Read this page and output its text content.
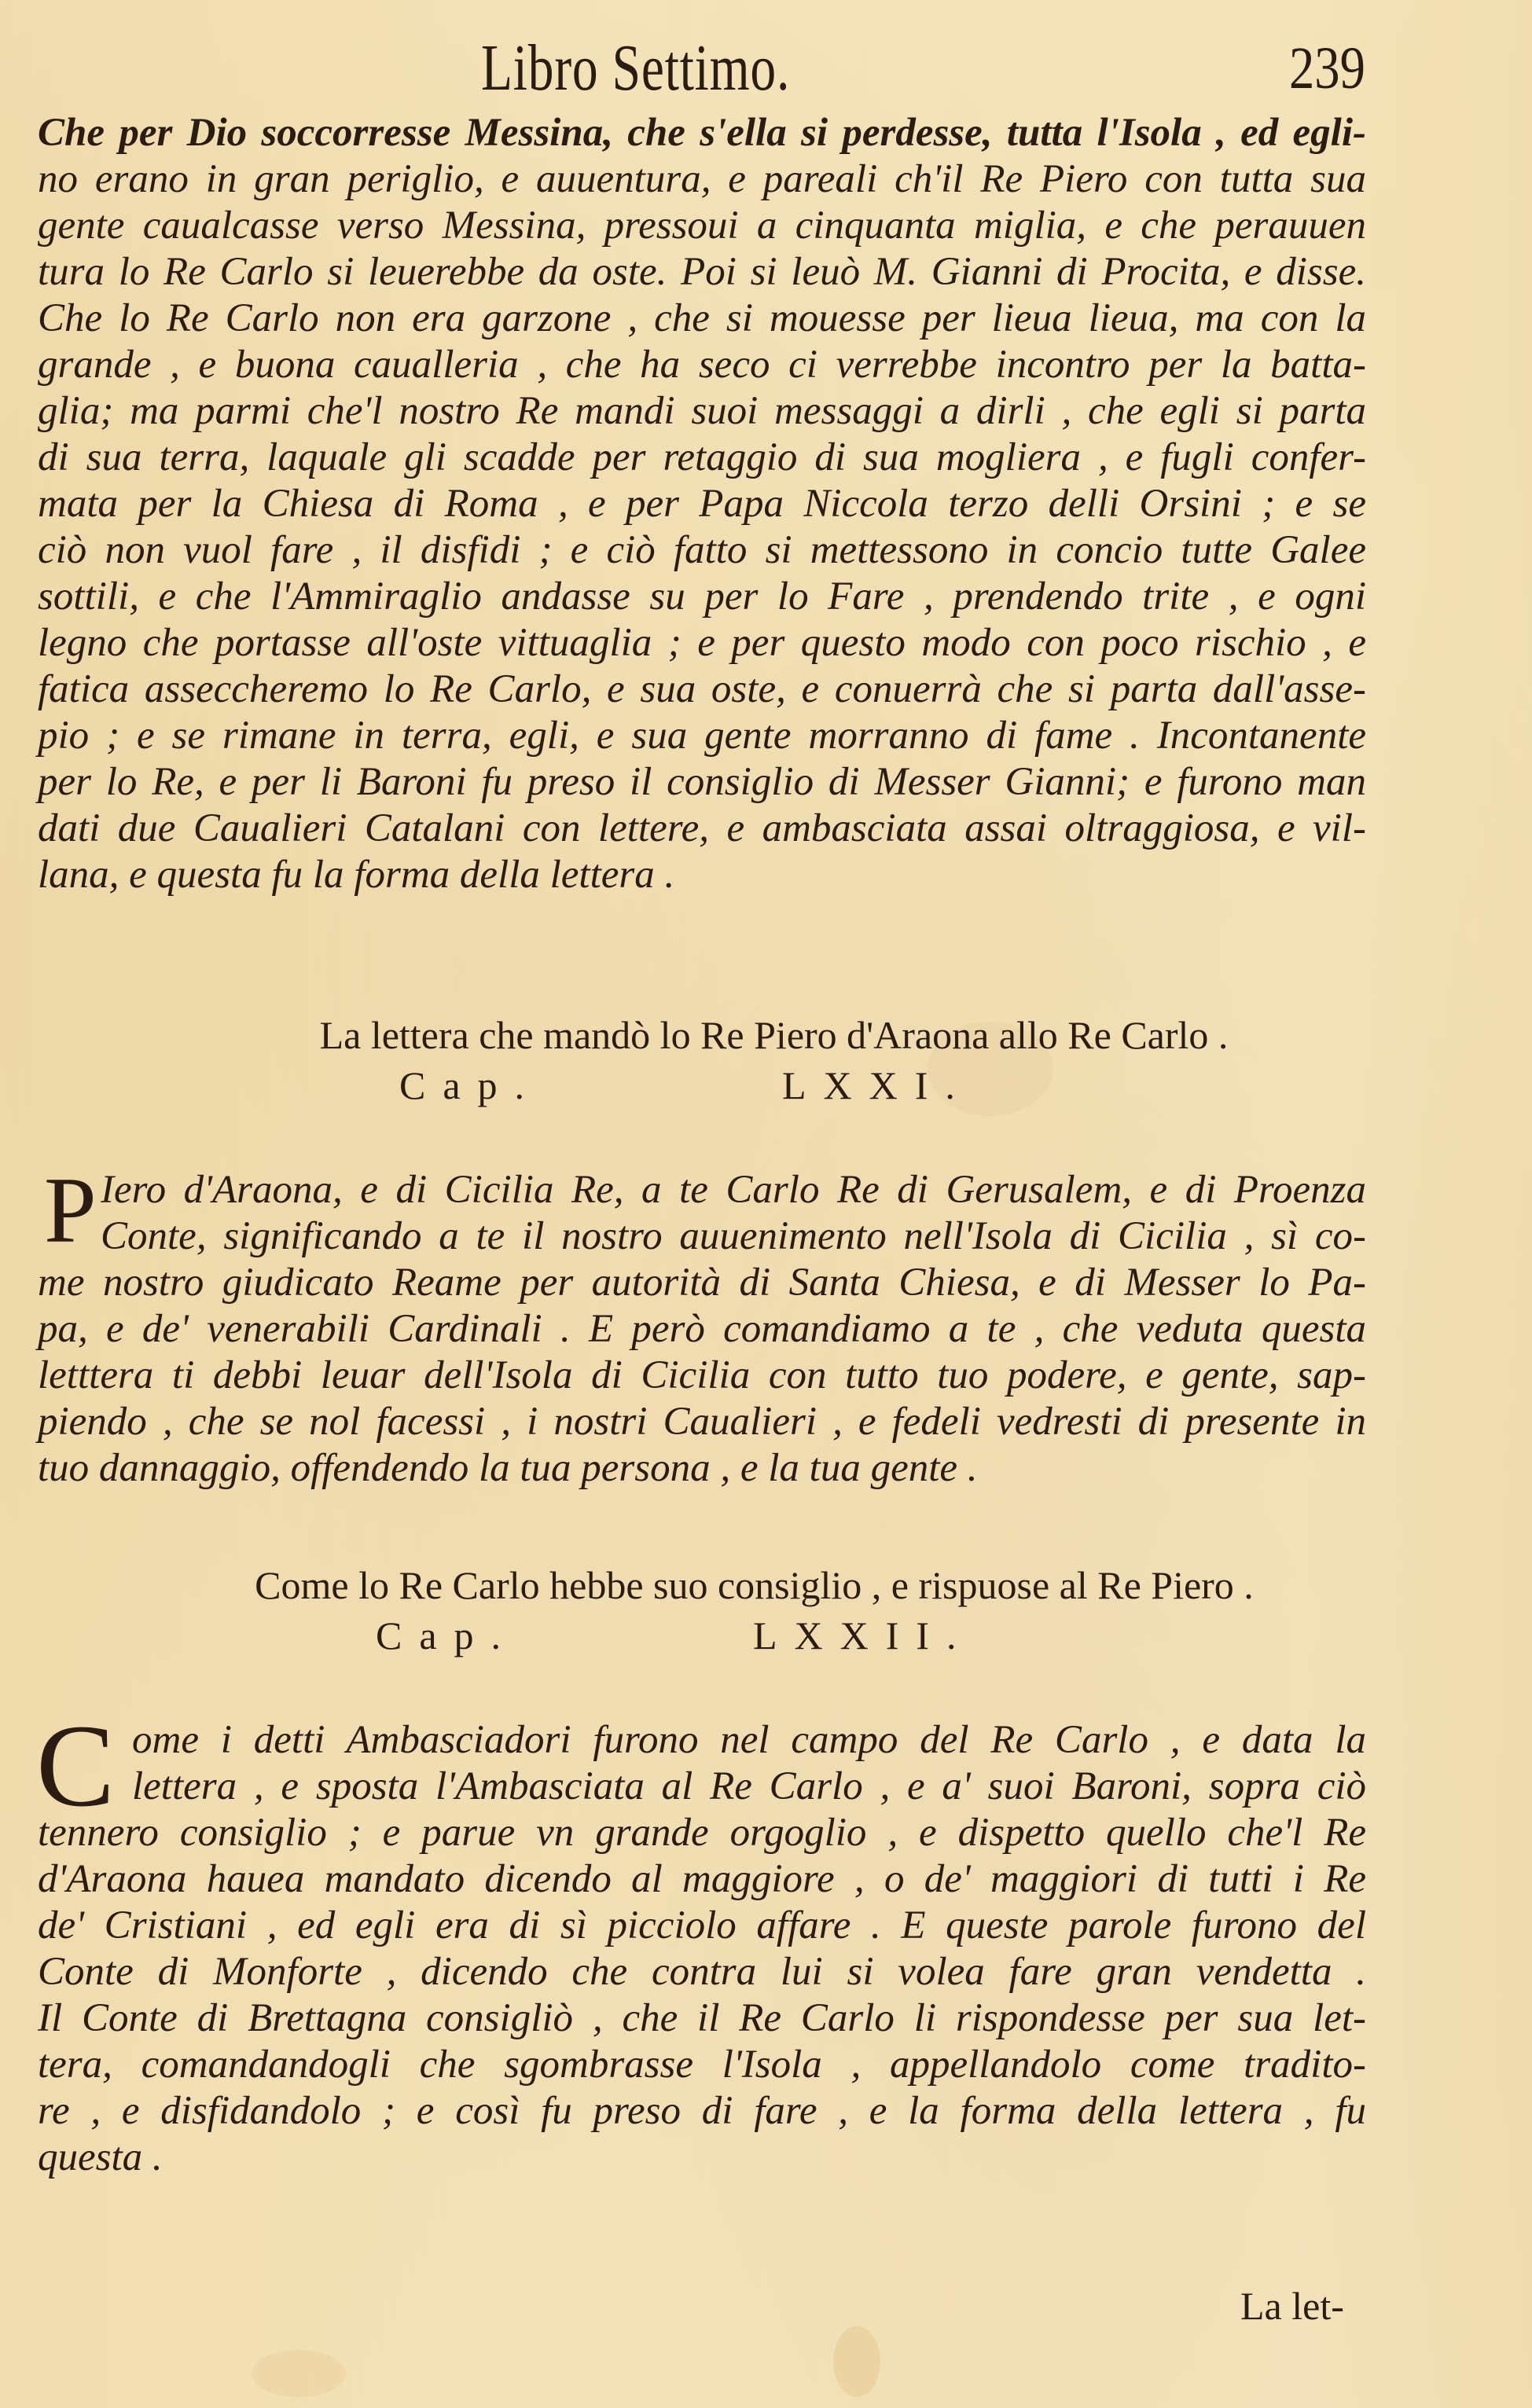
Libro Settimo.	239
Che per Dio soccorresse Messina, che s'ella si perdesse, tutta l'Isola , ed egli-
no erano in gran periglio, e auuentura, e pareali ch'il Re Piero con tutta sua
gente caualcasse verso Messina, pressoui a cinquanta miglia, e che perauuen
tura lo Re Carlo si leuerebbe da oste. Poi si leuò M. Gianni di Procita, e disse.
Che lo Re Carlo non era garzone , che si mouesse per lieua lieua, ma con la
grande , e buona caualleria , che ha seco ci verrebbe incontro per la batta-
glia; ma parmi che'l nostro Re mandi suoi messaggi a dirli , che egli si parta
di sua terra, laquale gli scadde per retaggio di sua mogliera , e fugli confer-
mata per la Chiesa di Roma , e per Papa Niccola terzo delli Orsini ; e se
ciò non vuol fare , il disfidi ; e ciò fatto si mettessono in concio tutte Galee
sottili, e che l'Ammiraglio andasse su per lo Fare , prendendo trite , e ogni
legno che portasse all'oste vittuaglia ; e per questo modo con poco rischio , e
fatica asseccheremo lo Re Carlo, e sua oste, e conuerrà che si parta dall'asse-
pio ; e se rimane in terra, egli, e sua gente morranno di fame . Incontanente
per lo Re, e per li Baroni fu preso il consiglio di Messer Gianni; e furono man
dati due Caualieri Catalani con lettere, e ambasciata assai oltraggiosa, e vil-
lana, e questa fu la forma della lettera .
La lettera che mandò lo Re Piero d'Araona allo Re Carlo .
Cap.	LXXI.
P Iero d'Araona, e di Cicilia Re, a te Carlo Re di Gerusalem, e di Proenza
Conte, significando a te il nostro auuenimento nell'Isola di Cicilia , sì co-
me nostro giudicato Reame per autorità di Santa Chiesa, e di Messer lo Pa-
pa, e de' venerabili Cardinali . E però comandiamo a te , che veduta questa
letttera ti debbi leuar dell'Isola di Cicilia con tutto tuo podere, e gente, sap-
piendo , che se nol facessi , i nostri Caualieri , e fedeli vedresti di presente in
tuo dannaggio, offendendo la tua persona , e la tua gente .
Come lo Re Carlo hebbe suo consiglio , e rispuose al Re Piero .
Cap.	LXXII.
C ome i detti Ambasciadori furono nel campo del Re Carlo , e data la
lettera , e sposta l'Ambasciata al Re Carlo , e a' suoi Baroni, sopra ciò
tennero consiglio ; e parue vn grande orgoglio , e dispetto quello che'l Re
d'Araona hauea mandato dicendo al maggiore , o de' maggiori di tutti i Re
de' Cristiani , ed egli era di sì picciolo affare . E queste parole furono del
Conte di Monforte , dicendo che contra lui si volea fare gran vendetta .
Il Conte di Brettagna consigliò , che il Re Carlo li rispondesse per sua let-
tera, comandandogli che sgombrasse l'Isola , appellandolo come tradito-
re , e disfidandolo ; e così fu preso di fare , e la forma della lettera , fu
questa .
La let-
